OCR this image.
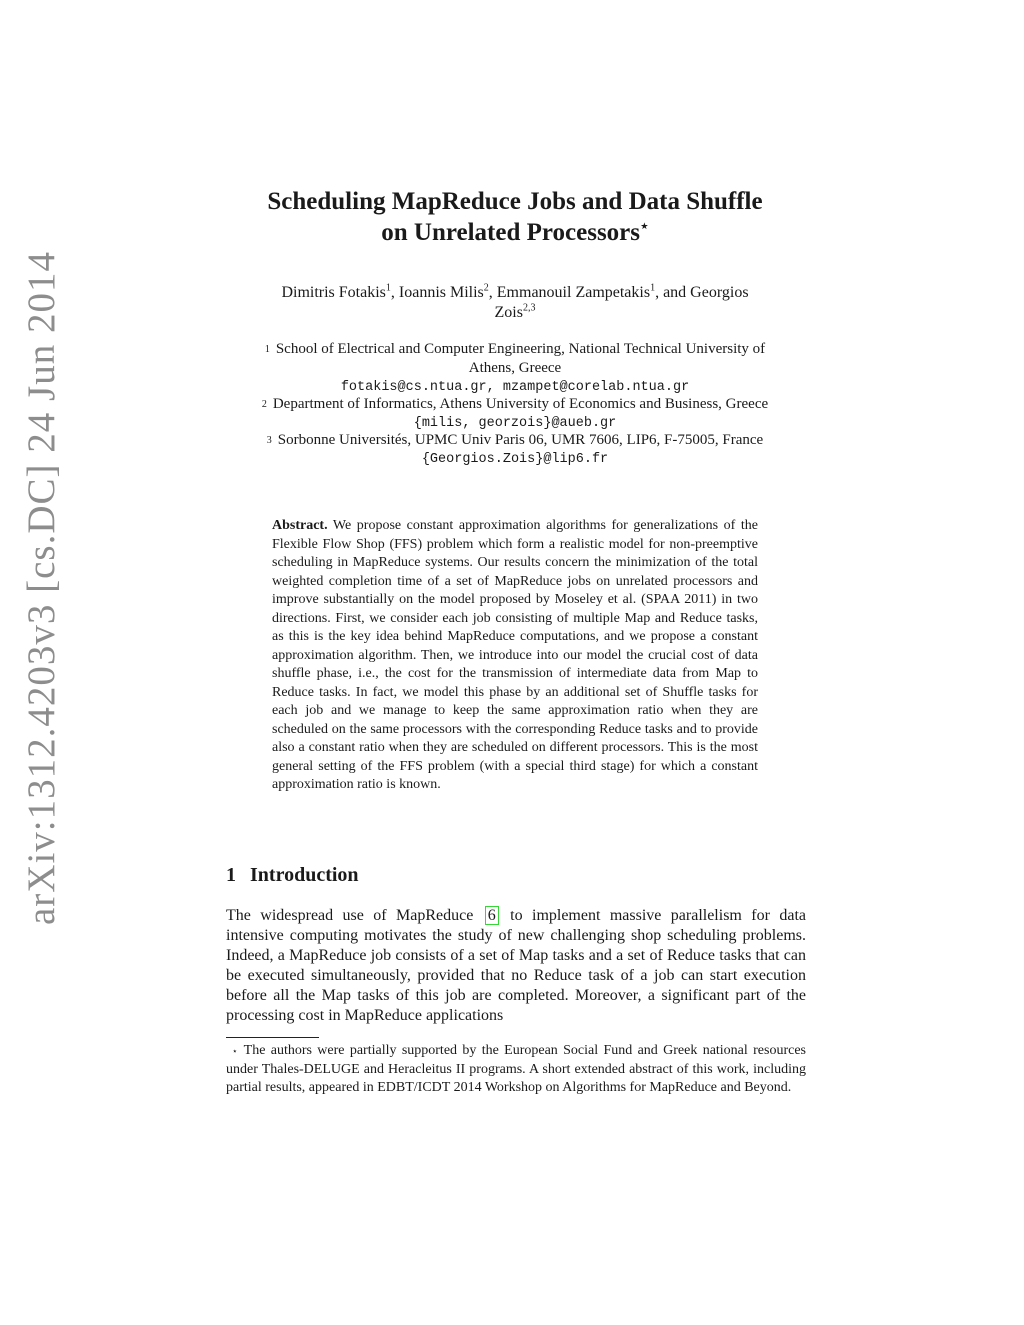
arXiv:1312.4203v3 [cs.DC] 24 Jun 2014
Scheduling MapReduce Jobs and Data Shuffle
on Unrelated Processors⋆
Dimitris Fotakis$^1$, Ioannis Milis$^2$, Emmanouil Zampetakis$^1$, and Georgios
Zois$^{2,3}$
$^1$ School of Electrical and Computer Engineering, National Technical University of
Athens, Greece
fotakis@cs.ntua.gr, mzampet@corelab.ntua.gr
$^2$ Department of Informatics, Athens University of Economics and Business, Greece
{milis, georzois}@aueb.gr
$^3$ Sorbonne Universités, UPMC Univ Paris 06, UMR 7606, LIP6, F-75005, France
{Georgios.Zois}@lip6.fr
Abstract. We propose constant approximation algorithms for generalizations of the Flexible Flow Shop (FFS) problem which form a realistic model for non-preemptive scheduling in MapReduce systems. Our results concern the minimization of the total weighted completion time of a set of MapReduce jobs on unrelated processors and improve substantially on the model proposed by Moseley et al. (SPAA 2011) in two directions. First, we consider each job consisting of multiple Map and Reduce tasks, as this is the key idea behind MapReduce computations, and we propose a constant approximation algorithm. Then, we introduce into our model the crucial cost of data shuffle phase, i.e., the cost for the transmission of intermediate data from Map to Reduce tasks. In fact, we model this phase by an additional set of Shuffle tasks for each job and we manage to keep the same approximation ratio when they are scheduled on the same processors with the corresponding Reduce tasks and to provide also a constant ratio when they are scheduled on different processors. This is the most general setting of the FFS problem (with a special third stage) for which a constant approximation ratio is known.
1 Introduction
The widespread use of MapReduce 6 to implement massive parallelism for data intensive computing motivates the study of new challenging shop scheduling problems. Indeed, a MapReduce job consists of a set of Map tasks and a set of Reduce tasks that can be executed simultaneously, provided that no Reduce task of a job can start execution before all the Map tasks of this job are completed. Moreover, a significant part of the processing cost in MapReduce applications
⋆ The authors were partially supported by the European Social Fund and Greek national resources under Thales-DELUGE and Heracleitus II programs. A short extended abstract of this work, including partial results, appeared in EDBT/ICDT 2014 Workshop on Algorithms for MapReduce and Beyond.
